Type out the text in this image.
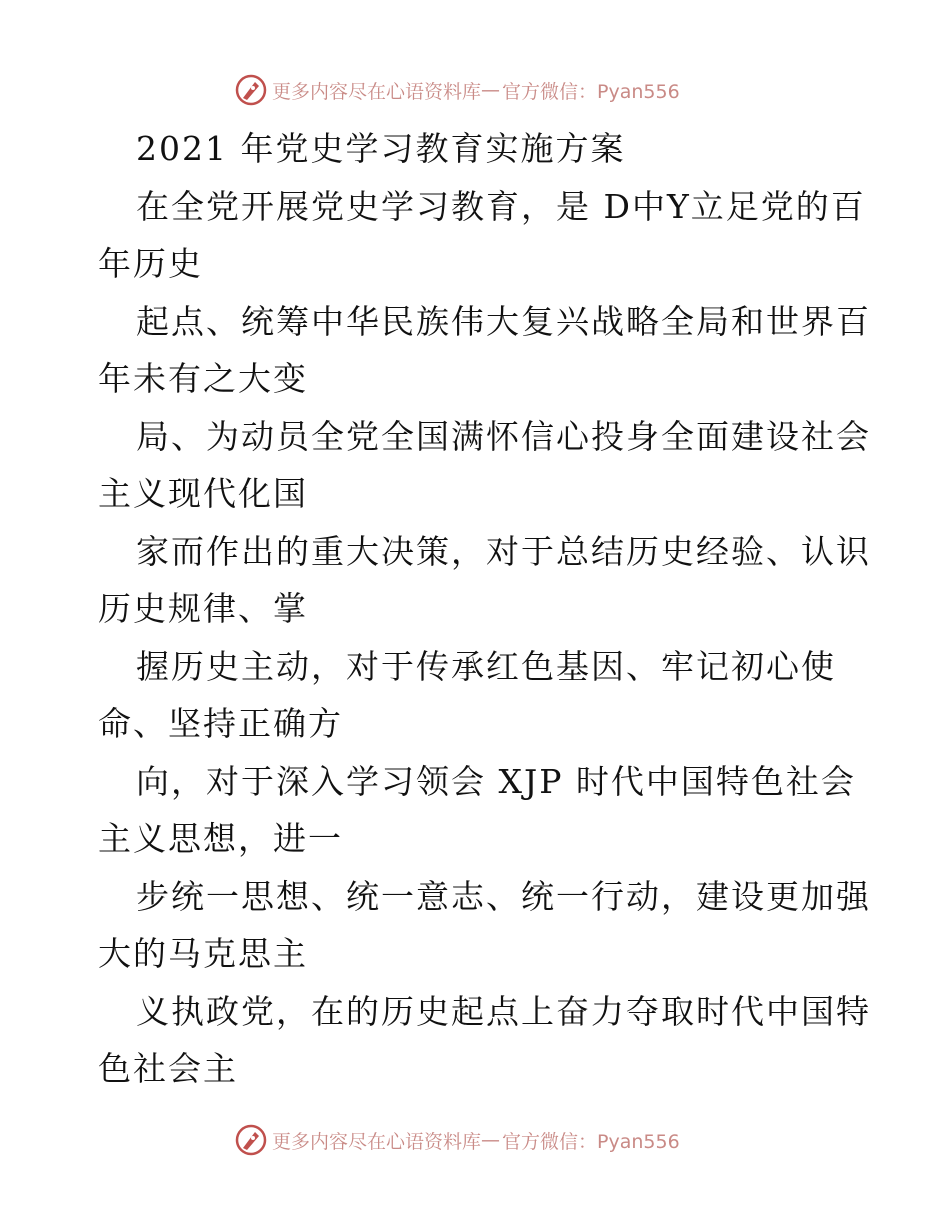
更多内容尽在心语资料库 — 官方微信：Pyan556
2021 年党史学习教育实施方案
在全党开展党史学习教育，是 D中Y立足党的百
年历史
起点、统筹中华民族伟大复兴战略全局和世界百
年未有之大变
局、为动员全党全国满怀信心投身全面建设社会
主义现代化国
家而作出的重大决策，对于总结历史经验、认识
历史规律、掌
握历史主动，对于传承红色基因、牢记初心使
命、坚持正确方
向，对于深入学习领会 XJP 时代中国特色社会
主义思想，进一
步统一思想、统一意志、统一行动，建设更加强
大的马克思主
义执政党，在的历史起点上奋力夺取时代中国特
色社会主
更多内容尽在心语资料库 — 官方微信：Pyan556
